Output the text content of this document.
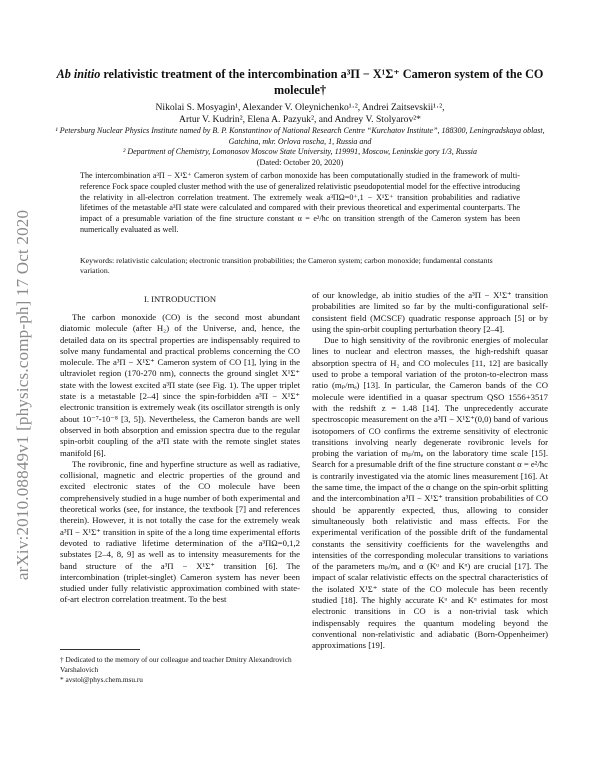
arXiv:2010.08849v1 [physics.comp-ph] 17 Oct 2020
Ab initio relativistic treatment of the intercombination a³Π − X¹Σ⁺ Cameron system of the CO molecule†
Nikolai S. Mosyagin¹, Alexander V. Oleynichenko¹·², Andrei Zaitsevskii¹·²,
Artur V. Kudrin², Elena A. Pazyuk², and Andrey V. Stolyarov²*
¹ Petersburg Nuclear Physics Institute named by B. P. Konstantinov of National Research Centre “Kurchatov Institute”, 188300, Leningradskaya oblast, Gatchina, mkr. Orlova roscha, 1, Russia and
² Department of Chemistry, Lomonosov Moscow State University, 119991, Moscow, Leninskie gory 1/3, Russia
(Dated: October 20, 2020)
The intercombination a³Π − X¹Σ⁺ Cameron system of carbon monoxide has been computationally studied in the framework of multi-reference Fock space coupled cluster method with the use of generalized relativistic pseudopotential model for the effective introducing the relativity in all-electron correlation treatment. The extremely weak a³ΠΩ=0⁺,1 − X¹Σ⁺ transition probabilities and radiative lifetimes of the metastable a³Π state were calculated and compared with their previous theoretical and experimental counterparts. The impact of a presumable variation of the fine structure constant α = e²/ħc on transition strength of the Cameron system has been numerically evaluated as well.
Keywords: relativistic calculation; electronic transition probabilities; the Cameron system; carbon monoxide; fundamental constants variation.
I. INTRODUCTION

The carbon monoxide (CO) is the second most abundant diatomic molecule (after H₂) of the Universe, and, hence, the detailed data on its spectral properties are indispensably required to solve many fundamental and practical problems concerning the CO molecule. The a³Π − X¹Σ⁺ Cameron system of CO [1], lying in the ultraviolet region (170-270 nm), connects the ground singlet X¹Σ⁺ state with the lowest excited a³Π state (see Fig. 1). The upper triplet state is a metastable [2–4] since the spin-forbidden a³Π − X¹Σ⁺ electronic transition is extremely weak (its oscillator strength is only about 10⁻⁷-10⁻⁸ [3, 5]). Nevertheless, the Cameron bands are well observed in both absorption and emission spectra due to the regular spin-orbit coupling of the a³Π state with the remote singlet states manifold [6].

The rovibronic, fine and hyperfine structure as well as radiative, collisional, magnetic and electric properties of the ground and excited electronic states of the CO molecule have been comprehensively studied in a huge number of both experimental and theoretical works (see, for instance, the textbook [7] and references therein). However, it is not totally the case for the extremely weak a³Π − X¹Σ⁺ transition in spite of the a long time experimental efforts devoted to radiative lifetime determination of the a³ΠΩ=0,1,2 substates [2–4, 8, 9] as well as to intensity measurements for the band structure of the a³Π − X¹Σ⁺ transition [6]. The intercombination (triplet-singlet) Cameron system has never been studied under fully relativistic approximation combined with state-of-art electron correlation treatment. To the best

of our knowledge, ab initio studies of the a³Π − X¹Σ⁺ transition probabilities are limited so far by the multi-configurational self-consistent field (MCSCF) quadratic response approach [5] or by using the spin-orbit coupling perturbation theory [2–4].

Due to high sensitivity of the rovibronic energies of molecular lines to nuclear and electron masses, the high-redshift quasar absorption spectra of H₂ and CO molecules [11, 12] are basically used to probe a temporal variation of the proton-to-electron mass ratio (mₚ/mₑ) [13]. In particular, the Cameron bands of the CO molecule were identified in a quasar spectrum QSO 1556+3517 with the redshift z = 1.48 [14]. The unprecedently accurate spectroscopic measurement on the a³Π − X¹Σ⁺(0,0) band of various isotopomers of CO confirms the extreme sensitivity of electronic transitions involving nearly degenerate rovibronic levels for probing the variation of mₚ/mₑ on the laboratory time scale [15]. Search for a presumable drift of the fine structure constant α = e²/ħc is contrarily investigated via the atomic lines measurement [16]. At the same time, the impact of the α change on the spin-orbit splitting and the intercombination a³Π − X¹Σ⁺ transition probabilities of CO should be apparently expected, thus, allowing to consider simultaneously both relativistic and mass effects. For the experimental verification of the possible drift of the fundamental constants the sensitivity coefficients for the wavelengths and intensities of the corresponding molecular transitions to variations of the parameters mₚ/mₑ and α (Kᵘ and Kᵅ) are crucial [17]. The impact of scalar relativistic effects on the spectral characteristics of the isolated X¹Σ⁺ state of the CO molecule has been recently studied [18]. The highly accurate Kᵘ and Kᵅ estimates for most electronic transitions in CO is a non-trivial task which indispensably requires the quantum modeling beyond the conventional non-relativistic and adiabatic (Born-Oppenheimer) approximations [19].

† Dedicated to the memory of our colleague and teacher Dmitry Alexandrovich Varshalovich
* avstol@phys.chem.msu.ru
